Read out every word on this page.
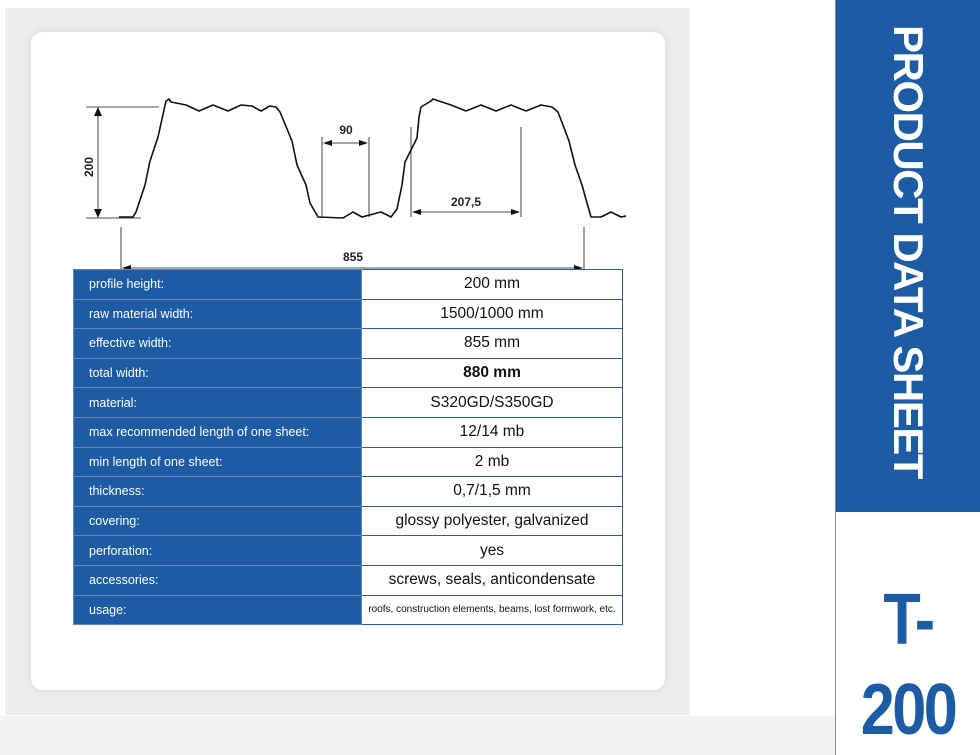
200
90
207,5
855
profile height:	200 mm
raw material width:	1500/1000 mm
effective width:	855 mm
total width:	880 mm
material:	S320GD/S350GD
max recommended length of one sheet:	12/14 mb
min length of one sheet:	2 mb
thickness:	0,7/1,5 mm
covering:	glossy polyester, galvanized
perforation:	yes
accessories:	screws, seals, anticondensate
usage:	roofs, construction elements, beams, lost formwork, etc.
PRODUCT DATA SHEET
T-200
